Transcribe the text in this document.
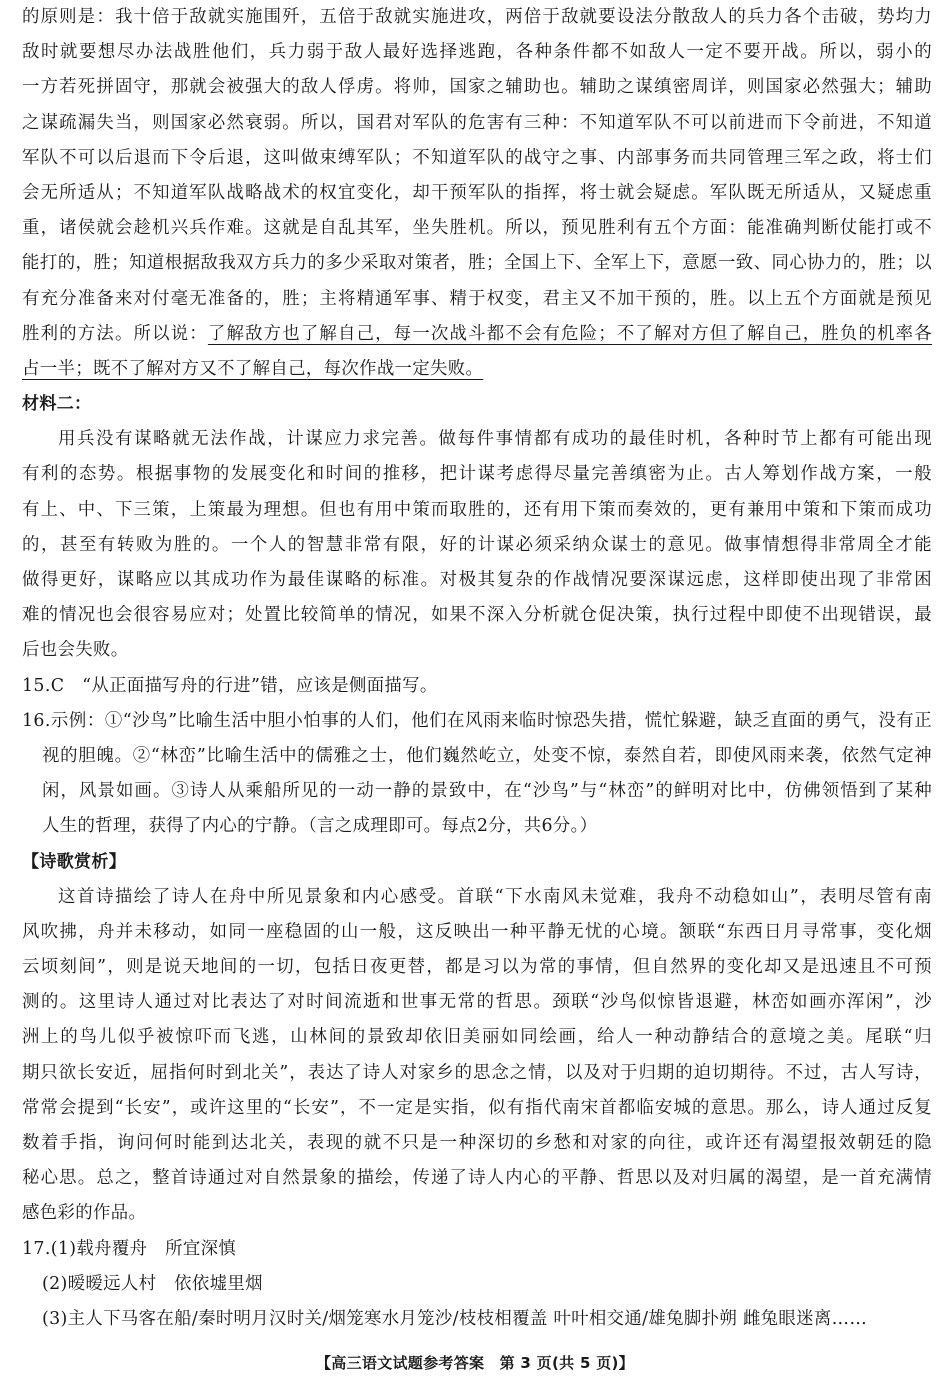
的原则是：我十倍于敌就实施围歼，五倍于敌就实施进攻，两倍于敌就要设法分散敌人的兵力各个击破，势均力
敌时就要想尽办法战胜他们，兵力弱于敌人最好选择逃跑，各种条件都不如敌人一定不要开战。所以，弱小的
一方若死拼固守，那就会被强大的敌人俘虏。将帅，国家之辅助也。辅助之谋缜密周详，则国家必然强大；辅助
之谋疏漏失当，则国家必然衰弱。所以，国君对军队的危害有三种：不知道军队不可以前进而下令前进，不知道
军队不可以后退而下令后退，这叫做束缚军队；不知道军队的战守之事、内部事务而共同管理三军之政，将士们
会无所适从；不知道军队战略战术的权宜变化，却干预军队的指挥，将士就会疑虑。军队既无所适从，又疑虑重
重，诸侯就会趁机兴兵作难。这就是自乱其军，坐失胜机。所以，预见胜利有五个方面：能准确判断仗能打或不
能打的，胜；知道根据敌我双方兵力的多少采取对策者，胜；全国上下、全军上下，意愿一致、同心协力的，胜；以
有充分准备来对付毫无准备的，胜；主将精通军事、精于权变，君主又不加干预的，胜。以上五个方面就是预见
胜利的方法。所以说：了解敌方也了解自己，每一次战斗都不会有危险；不了解对方但了解自己，胜负的机率各
占一半；既不了解对方又不了解自己，每次作战一定失败。
材料二：
用兵没有谋略就无法作战，计谋应力求完善。做每件事情都有成功的最佳时机，各种时节上都有可能出现
有利的态势。根据事物的发展变化和时间的推移，把计谋考虑得尽量完善缜密为止。古人筹划作战方案，一般
有上、中、下三策，上策最为理想。但也有用中策而取胜的，还有用下策而奏效的，更有兼用中策和下策而成功
的，甚至有转败为胜的。一个人的智慧非常有限，好的计谋必须采纳众谋士的意见。做事情想得非常周全才能
做得更好，谋略应以其成功作为最佳谋略的标准。对极其复杂的作战情况要深谋远虑，这样即使出现了非常困
难的情况也会很容易应对；处置比较简单的情况，如果不深入分析就仓促决策，执行过程中即使不出现错误，最
后也会失败。
15.C　“从正面描写舟的行进”错，应该是侧面描写。
16.示例：①“沙鸟”比喻生活中胆小怕事的人们，他们在风雨来临时惊恐失措，慌忙躲避，缺乏直面的勇气，没有正
视的胆魄。②“林峦”比喻生活中的儒雅之士，他们巍然屹立，处变不惊，泰然自若，即使风雨来袭，依然气定神
闲，风景如画。③诗人从乘船所见的一动一静的景致中，在“沙鸟”与“林峦”的鲜明对比中，仿佛领悟到了某种
人生的哲理，获得了内心的宁静。（言之成理即可。每点2分，共6分。）
【诗歌赏析】
这首诗描绘了诗人在舟中所见景象和内心感受。首联“下水南风未觉难，我舟不动稳如山”，表明尽管有南
风吹拂，舟并未移动，如同一座稳固的山一般，这反映出一种平静无忧的心境。颔联“东西日月寻常事，变化烟
云顷刻间”，则是说天地间的一切，包括日夜更替，都是习以为常的事情，但自然界的变化却又是迅速且不可预
测的。这里诗人通过对比表达了对时间流逝和世事无常的哲思。颈联“沙鸟似惊皆退避，林峦如画亦浑闲”，沙
洲上的鸟儿似乎被惊吓而飞逃，山林间的景致却依旧美丽如同绘画，给人一种动静结合的意境之美。尾联“归
期只欲长安近，屈指何时到北关”，表达了诗人对家乡的思念之情，以及对于归期的迫切期待。不过，古人写诗，
常常会提到“长安”，或许这里的“长安”，不一定是实指，似有指代南宋首都临安城的意思。那么，诗人通过反复
数着手指，询问何时能到达北关，表现的就不只是一种深切的乡愁和对家的向往，或许还有渴望报效朝廷的隐
秘心思。总之，整首诗通过对自然景象的描绘，传递了诗人内心的平静、哲思以及对归属的渴望，是一首充满情
感色彩的作品。
17.(1)载舟覆舟　所宜深慎
(2)暧暧远人村　依依墟里烟
(3)主人下马客在船/秦时明月汉时关/烟笼寒水月笼沙/枝枝相覆盖 叶叶相交通/雄兔脚扑朔 雌兔眼迷离……
【高三语文试题参考答案　第 3 页(共 5 页)】
